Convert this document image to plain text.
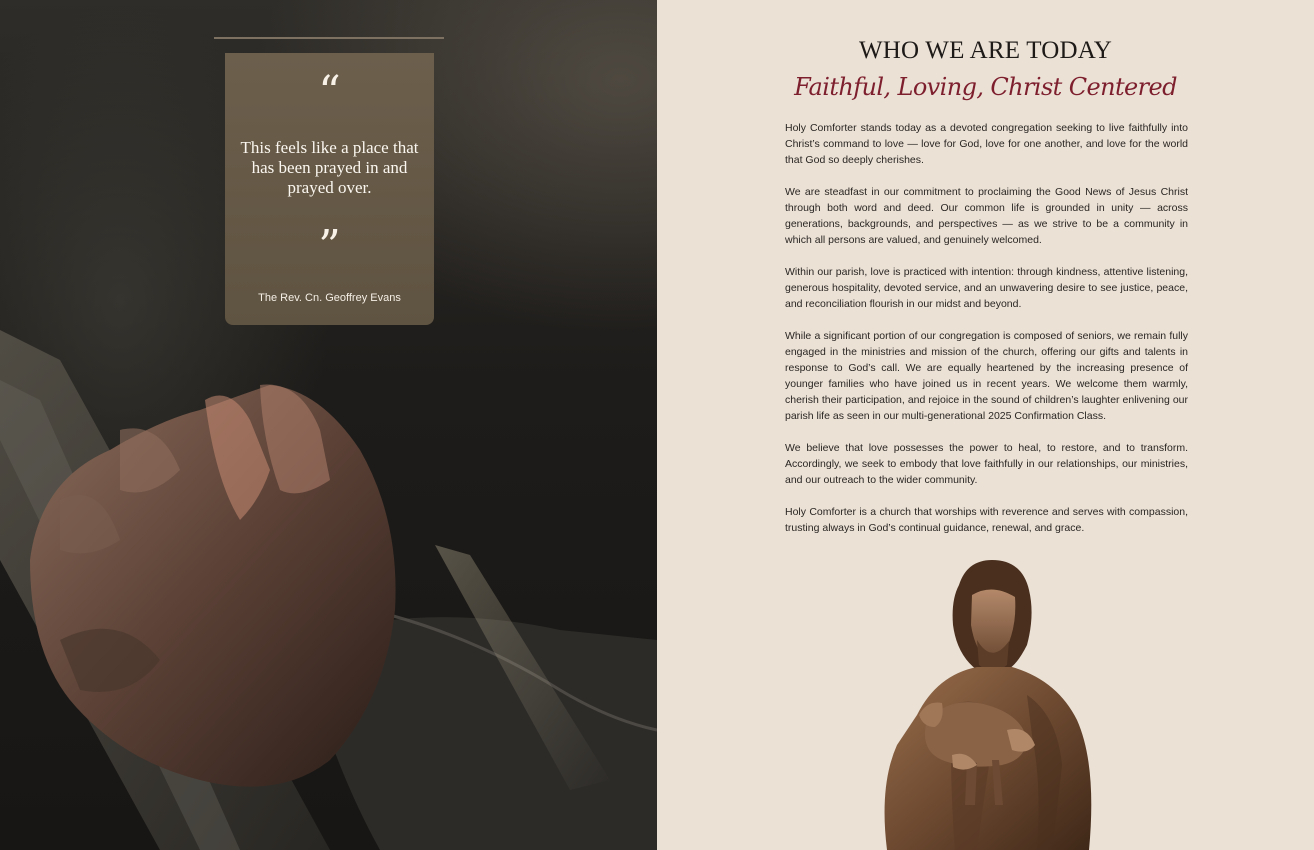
“
This feels like a place that has been prayed in and prayed over.
”
The Rev. Cn. Geoffrey Evans
WHO WE ARE TODAY
Faithful, Loving, Christ Centered

Holy Comforter stands today as a devoted congregation seeking to live faithfully into Christ’s command to love — love for God, love for one another, and love for the world that God so deeply cherishes.

We are steadfast in our commitment to proclaiming the Good News of Jesus Christ through both word and deed. Our common life is grounded in unity — across generations, backgrounds, and perspectives — as we strive to be a community in which all persons are valued, and genuinely welcomed.

Within our parish, love is practiced with intention: through kindness, attentive listening, generous hospitality, devoted service, and an unwavering desire to see justice, peace, and reconciliation flourish in our midst and beyond.

While a significant portion of our congregation is composed of seniors, we remain fully engaged in the ministries and mission of the church, offering our gifts and talents in response to God’s call. We are equally heartened by the increasing presence of younger families who have joined us in recent years. We welcome them warmly, cherish their participation, and rejoice in the sound of children’s laughter enlivening our parish life as seen in our multi-generational 2025 Confirmation Class.

We believe that love possesses the power to heal, to restore, and to transform. Accordingly, we seek to embody that love faithfully in our relationships, our ministries, and our outreach to the wider community.

Holy Comforter is a church that worships with reverence and serves with compassion, trusting always in God’s continual guidance, renewal, and grace.
